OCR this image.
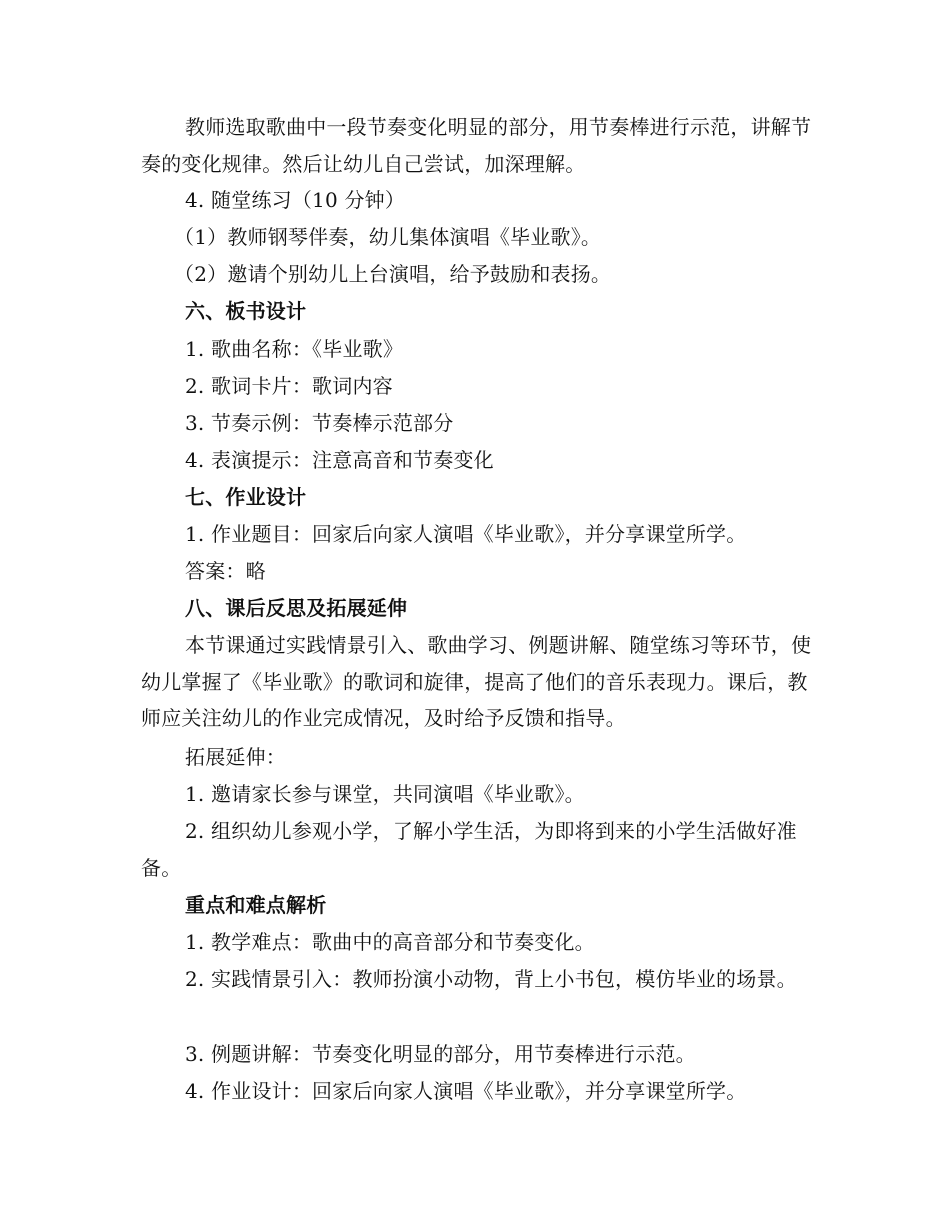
教师选取歌曲中一段节奏变化明显的部分，用节奏棒进行示范，讲解节奏的变化规律。然后让幼儿自己尝试，加深理解。

4. 随堂练习（10 分钟）

（1）教师钢琴伴奏，幼儿集体演唱《毕业歌》。

（2）邀请个别幼儿上台演唱，给予鼓励和表扬。

六、板书设计

1. 歌曲名称：《毕业歌》

2. 歌词卡片：歌词内容

3. 节奏示例：节奏棒示范部分

4. 表演提示：注意高音和节奏变化

七、作业设计

1. 作业题目：回家后向家人演唱《毕业歌》，并分享课堂所学。

答案：略

八、课后反思及拓展延伸

本节课通过实践情景引入、歌曲学习、例题讲解、随堂练习等环节，使幼儿掌握了《毕业歌》的歌词和旋律，提高了他们的音乐表现力。课后，教师应关注幼儿的作业完成情况，及时给予反馈和指导。

拓展延伸：

1. 邀请家长参与课堂，共同演唱《毕业歌》。

2. 组织幼儿参观小学，了解小学生活，为即将到来的小学生活做好准备。

重点和难点解析

1. 教学难点：歌曲中的高音部分和节奏变化。

2. 实践情景引入：教师扮演小动物，背上小书包，模仿毕业的场景。

3. 例题讲解：节奏变化明显的部分，用节奏棒进行示范。

4. 作业设计：回家后向家人演唱《毕业歌》，并分享课堂所学。
